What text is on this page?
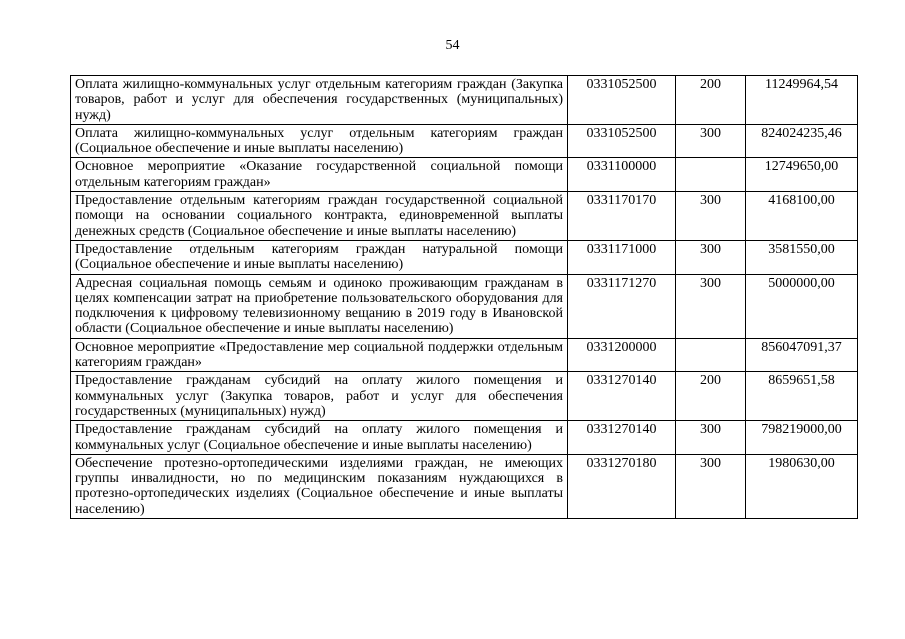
54
Оплата жилищно-коммунальных услуг отдельным категориям граждан (Закупка товаров, работ и услуг для обеспечения государственных (муниципальных) нужд)	0331052500	200	11249964,54
Оплата жилищно-коммунальных услуг отдельным категориям граждан (Социальное обеспечение и иные выплаты населению)	0331052500	300	824024235,46
Основное мероприятие «Оказание государственной социальной помощи отдельным категориям граждан»	0331100000		12749650,00
Предоставление отдельным категориям граждан государственной социальной помощи на основании социального контракта, единовременной выплаты денежных средств (Социальное обеспечение и иные выплаты населению)	0331170170	300	4168100,00
Предоставление отдельным категориям граждан натуральной помощи (Социальное обеспечение и иные выплаты населению)	0331171000	300	3581550,00
Адресная социальная помощь семьям и одиноко проживающим гражданам в целях компенсации затрат на приобретение пользовательского оборудования для подключения к цифровому телевизионному вещанию в 2019 году в Ивановской области (Социальное обеспечение и иные выплаты населению)	0331171270	300	5000000,00
Основное мероприятие «Предоставление мер социальной поддержки отдельным категориям граждан»	0331200000		856047091,37
Предоставление гражданам субсидий на оплату жилого помещения и коммунальных услуг (Закупка товаров, работ и услуг для обеспечения государственных (муниципальных) нужд)	0331270140	200	8659651,58
Предоставление гражданам субсидий на оплату жилого помещения и коммунальных услуг (Социальное обеспечение и иные выплаты населению)	0331270140	300	798219000,00
Обеспечение протезно-ортопедическими изделиями граждан, не имеющих группы инвалидности, но по медицинским показаниям нуждающихся в протезно-ортопедических изделиях (Социальное обеспечение и иные выплаты населению)	0331270180	300	1980630,00
